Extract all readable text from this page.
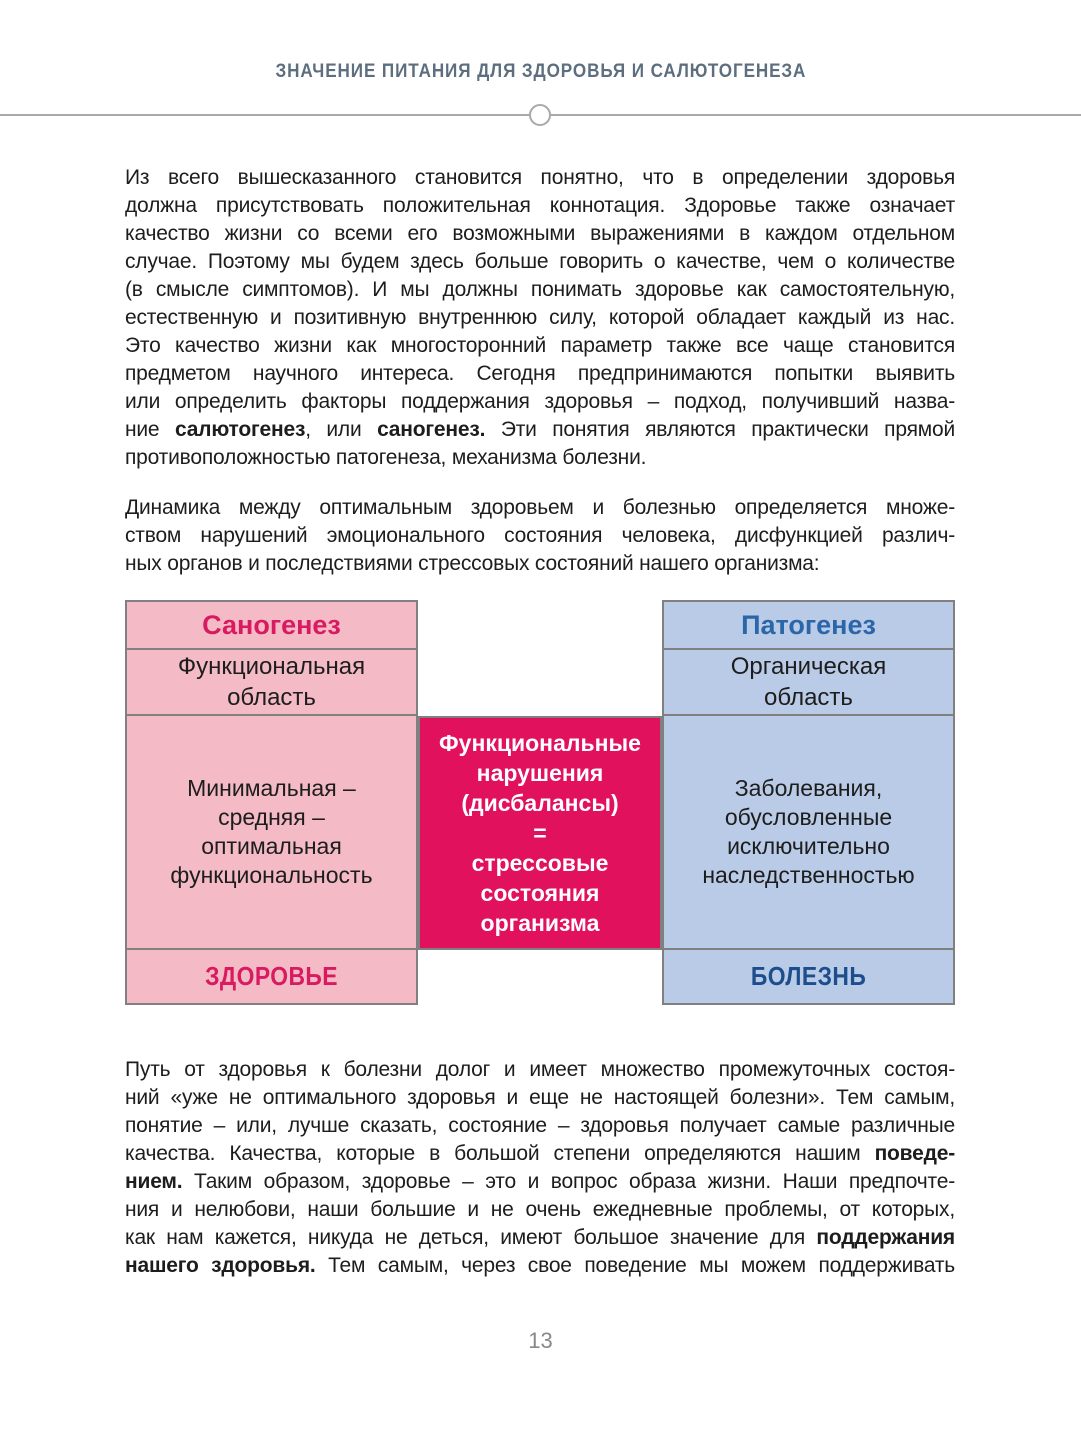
ЗНАЧЕНИЕ ПИТАНИЯ ДЛЯ ЗДОРОВЬЯ И САЛЮТОГЕНЕЗА
Из всего вышесказанного становится понятно, что в определении здоровья
должна присутствовать положительная коннотация. Здоровье также означает
качество жизни со всеми его возможными выражениями в каждом отдельном
случае. Поэтому мы будем здесь больше говорить о качестве, чем о количестве
(в смысле симптомов). И мы должны понимать здоровье как самостоятельную,
естественную и позитивную внутреннюю силу, которой обладает каждый из нас.
Это качество жизни как многосторонний параметр также все чаще становится
предметом научного интереса. Сегодня предпринимаются попытки выявить
или определить факторы поддержания здоровья – подход, получивший назва-
ние салютогенез, или саногенез. Эти понятия являются практически прямой
противоположностью патогенеза, механизма болезни.
Динамика между оптимальным здоровьем и болезнью определяется множе-
ством нарушений эмоционального состояния человека, дисфункцией различ-
ных органов и последствиями стрессовых состояний нашего организма:
Саногенез
Функциональная
область
Минимальная –
средняя –
оптимальная
функциональность
ЗДОРОВЬЕ
Функциональные
нарушения
(дисбалансы)
=
стрессовые
состояния
организма
Патогенез
Органическая
область
Заболевания,
обусловленные
исключительно
наследственностью
БОЛЕЗНЬ
Путь от здоровья к болезни долог и имеет множество промежуточных состоя-
ний «уже не оптимального здоровья и еще не настоящей болезни». Тем самым,
понятие – или, лучше сказать, состояние – здоровья получает самые различные
качества. Качества, которые в большой степени определяются нашим поведе-
нием. Таким образом, здоровье – это и вопрос образа жизни. Наши предпочте-
ния и нелюбови, наши большие и не очень ежедневные проблемы, от которых,
как нам кажется, никуда не деться, имеют большое значение для поддержания
нашего здоровья. Тем самым, через свое поведение мы можем поддерживать
13
